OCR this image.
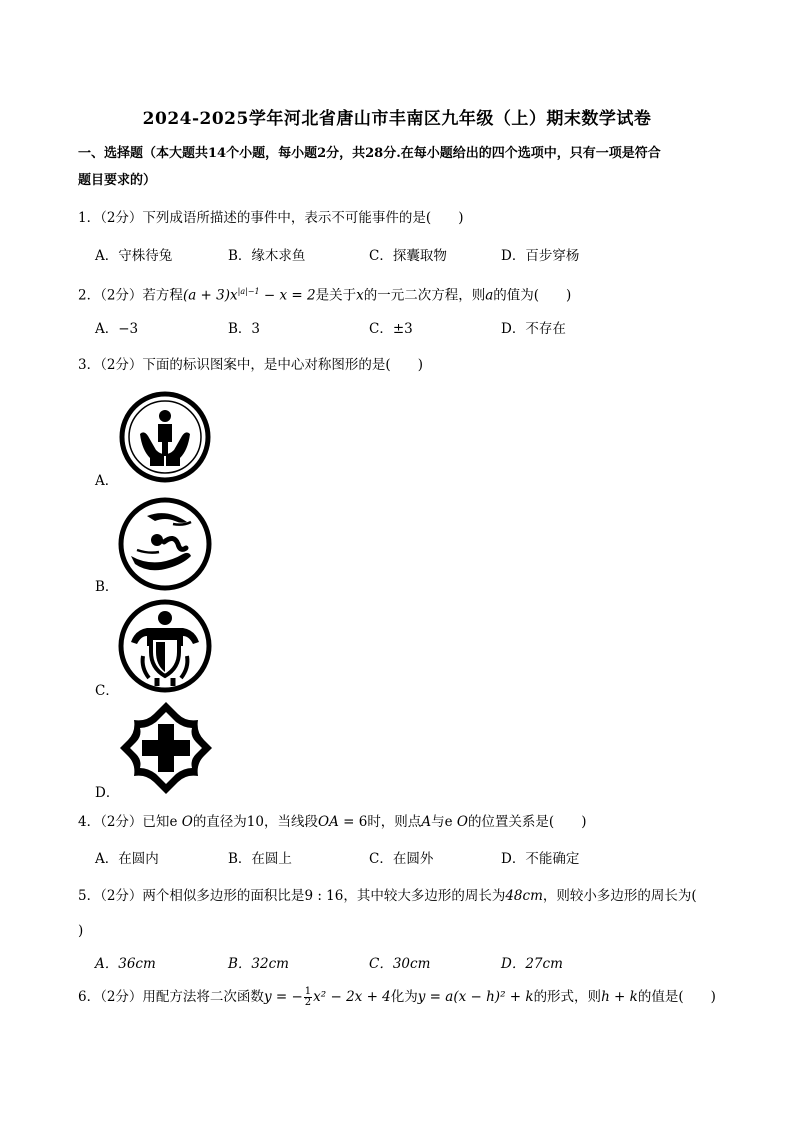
2024-2025学年河北省唐山市丰南区九年级（上）期末数学试卷
一、选择题（本大题共14个小题，每小题2分，共28分.在每小题给出的四个选项中，只有一项是符合
题目要求的）
1．（2分）下列成语所描述的事件中，表示不可能事件的是(　　)
A．守株待兔	B．缘木求鱼	C．探囊取物	D．百步穿杨
2．（2分）若方程$(a + 3)x^{|a|-1} - x = 2$是关于x的一元二次方程，则a的值为(　　)
A．−3	B．3	C．±3	D．不存在
3．（2分）下面的标识图案中，是中心对称图形的是(　　)
A．
B．
C．
D．
4．（2分）已知e O的直径为10，当线段OA = 6时，则点A与e O的位置关系是(　　)
A．在圆内	B．在圆上	C．在圆外	D．不能确定
5．（2分）两个相似多边形的面积比是9 : 16，其中较大多边形的周长为48cm，则较小多边形的周长为(
)
A．36cm	B．32cm	C．30cm	D．27cm
6．（2分）用配方法将二次函数y = − $\frac{1}{2} x^2 - 2x + 4$化为y = a(x − h)² + k的形式，则h + k的值是(　　)
